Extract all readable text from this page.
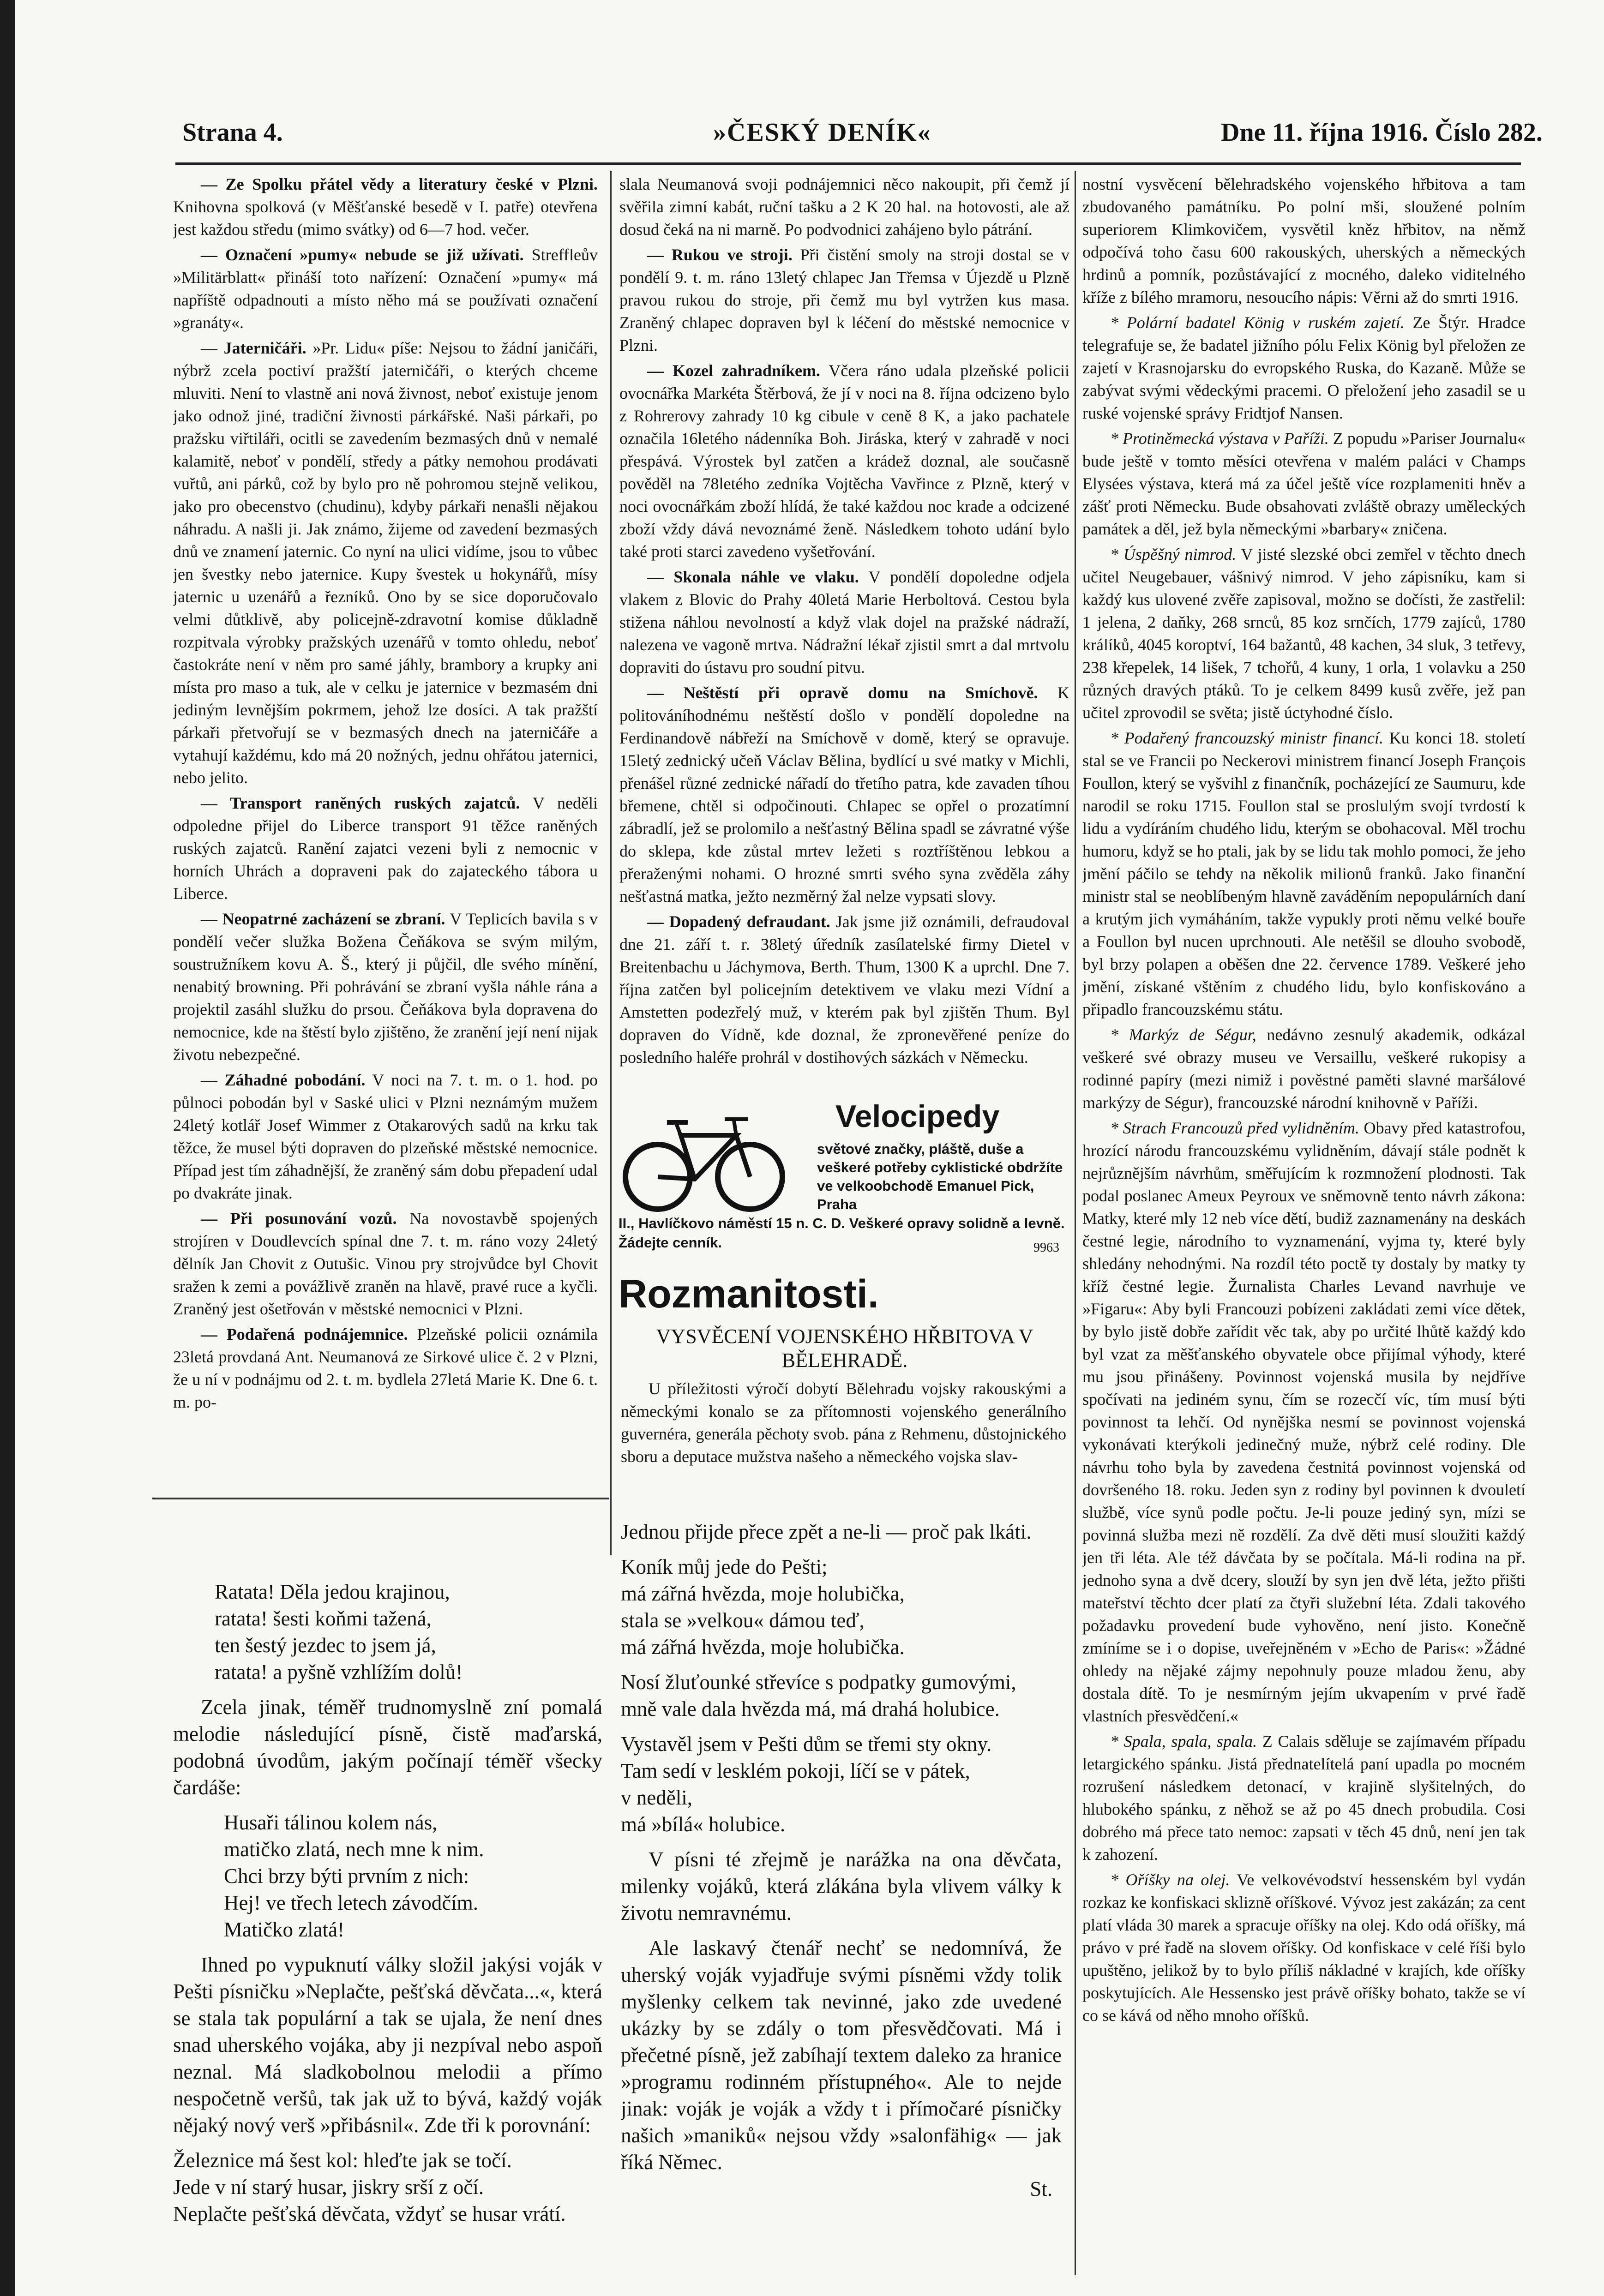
Strana 4.	»ČESKÝ DENÍK«	Dne 11. října 1916. Číslo 282.

— Ze Spolku přátel vědy a literatury české v Plzni. Knihovna spolková (v Měšťanské besedě v I. patře) otevřena jest každou středu (mimo svátky) od 6—7 hod. večer.

— Označení »pumy« nebude se již užívati. Streffleův »Militärblatt« přináší toto nařízení: Označení »pumy« má napříště odpadnouti a místo něho má se používati označení »granáty«.

— Jaterničáři. »Pr. Lidu« píše: Nejsou to žádní janičáři, nýbrž zcela poctiví pražští jaterničáři, o kterých chceme mluviti. Není to vlastně ani nová živnost, neboť existuje jenom jako odnož jiné, tradiční živnosti párkářské. Naši párkaři, po pražsku viřtiláři, ocitli se zavedením bezmasých dnů v nemalé kalamitě, neboť v pondělí, středy a pátky nemohou prodávati vuřtů, ani párků, což by bylo pro ně pohromou stejně velikou, jako pro obecenstvo (chudinu), kdyby párkaři nenašli nějakou náhradu. A našli ji. Jak známo, žijeme od zavedení bezmasých dnů ve znamení jaternic. Co nyní na ulici vidíme, jsou to vůbec jen švestky nebo jaternice. Kupy švestek u hokynářů, mísy jaternic u uzenářů a řezníků. Ono by se sice doporučovalo velmi důtklivě, aby policejně-zdravotní komise důkladně rozpitvala výrobky pražských uzenářů v tomto ohledu, neboť častokráte není v něm pro samé jáhly, brambory a krupky ani místa pro maso a tuk, ale v celku je jaternice v bezmasém dni jediným levnějším pokrmem, jehož lze dosíci. A tak pražští párkaři přetvořují se v bezmasých dnech na jaterničáře a vytahují každému, kdo má 20 nožných, jednu ohřátou jaternici, nebo jelito.

— Transport raněných ruských zajatců. V neděli odpoledne přijel do Liberce transport 91 těžce raněných ruských zajatců. Ranění zajatci vezeni byli z nemocnic v horních Uhrách a dopraveni pak do zajateckého tábora u Liberce.

— Neopatrné zacházení se zbraní. V Teplicích bavila s v pondělí večer služka Božena Čeňákova se svým milým, soustružníkem kovu A. Š., který ji půjčil, dle svého mínění, nenabitý browning. Při pohrávání se zbraní vyšla náhle rána a projektil zasáhl služku do prsou. Čeňákova byla dopravena do nemocnice, kde na štěstí bylo zjištěno, že zranění její není nijak životu nebezpečné.

— Záhadné pobodání. V noci na 7. t. m. o 1. hod. po půlnoci pobodán byl v Saské ulici v Plzni neznámým mužem 24letý kotlář Josef Wimmer z Otakarových sadů na krku tak těžce, že musel býti dopraven do plzeňské městské nemocnice. Případ jest tím záhadnější, že zraněný sám dobu přepadení udal po dvakráte jinak.

— Při posunování vozů. Na novostavbě spojených strojíren v Doudlevcích spínal dne 7. t. m. ráno vozy 24letý dělník Jan Chovit z Outušic. Vinou pry strojvůdce byl Chovit sražen k zemi a povážlivě zraněn na hlavě, pravé ruce a kyčli. Zraněný jest ošetřován v městské nemocnici v Plzni.

— Podařená podnájemnice. Plzeňské policii oznámila 23letá provdaná Ant. Neumanová ze Sirkové ulice č. 2 v Plzni, že u ní v podnájmu od 2. t. m. bydlela 27letá Marie K. Dne 6. t. m. po-

slala Neumanová svoji podnájemnici něco nakoupit, při čemž jí svěřila zimní kabát, ruční tašku a 2 K 20 hal. na hotovosti, ale až dosud čeká na ni marně. Po podvodnici zahájeno bylo pátrání.

— Rukou ve stroji. Při čistění smoly na stroji dostal se v pondělí 9. t. m. ráno 13letý chlapec Jan Třemsa v Újezdě u Plzně pravou rukou do stroje, při čemž mu byl vytržen kus masa. Zraněný chlapec dopraven byl k léčení do městské nemocnice v Plzni.

— Kozel zahradníkem. Včera ráno udala plzeňské policii ovocnářka Markéta Štěrbová, že jí v noci na 8. října odcizeno bylo z Rohrerovy zahrady 10 kg cibule v ceně 8 K, a jako pachatele označila 16letého nádenníka Boh. Jiráska, který v zahradě v noci přespává. Výrostek byl zatčen a krádež doznal, ale současně pověděl na 78letého zedníka Vojtěcha Vavřince z Plzně, který v noci ovocnářkám zboží hlídá, že také každou noc krade a odcizené zboží vždy dává nevoznámé ženě. Následkem tohoto udání bylo také proti starci zavedeno vyšetřování.

— Skonala náhle ve vlaku. V pondělí dopoledne odjela vlakem z Blovic do Prahy 40letá Marie Herboltová. Cestou byla stižena náhlou nevolností a když vlak dojel na pražské nádraží, nalezena ve vagoně mrtva. Nádražní lékař zjistil smrt a dal mrtvolu dopraviti do ústavu pro soudní pitvu.

— Neštěstí při opravě domu na Smíchově. K politováníhodnému neštěstí došlo v pondělí dopoledne na Ferdinandově nábřeží na Smíchově v domě, který se opravuje. 15letý zednický učeň Václav Bělina, bydlící u své matky v Michli, přenášel různé zednické nářadí do třetího patra, kde zavaden tíhou břemene, chtěl si odpočinouti. Chlapec se opřel o prozatímní zábradlí, jež se prolomilo a nešťastný Bělina spadl se závratné výše do sklepa, kde zůstal mrtev ležeti s roztříštěnou lebkou a přeraženými nohami. O hrozné smrti svého syna zvěděla záhy nešťastná matka, ježto nezměrný žal nelze vypsati slovy.

— Dopadený defraudant. Jak jsme již oznámili, defraudoval dne 21. září t. r. 38letý úředník zasílatelské firmy Dietel v Breitenbachu u Jáchymova, Berth. Thum, 1300 K a uprchl. Dne 7. října zatčen byl policejním detektivem ve vlaku mezi Vídní a Amstetten podezřelý muž, v kterém pak byl zjištěn Thum. Byl dopraven do Vídně, kde doznal, že zpronevěřené peníze do posledního haléře prohrál v dostihových sázkách v Německu.

Velocipedy
světové značky, pláště, duše a veškeré potřeby cyklistické obdržíte ve velkoobchodě Emanuel Pick, Praha
II., Havlíčkovo náměstí 15 n. C. D. Veškeré opravy solidně a levně. Žádejte cenník.	9963
Rozmanitosti.
VYSVĚCENÍ VOJENSKÉHO HŘBITOVA V BĚLEHRADĚ.

U příležitosti výročí dobytí Bělehradu vojsky rakouskými a německými konalo se za přítomnosti vojenského generálního guvernéra, generála pěchoty svob. pána z Rehmenu, důstojnického sboru a deputace mužstva našeho a německého vojska slav-

nostní vysvěcení bělehradského vojenského hřbitova a tam zbudovaného památníku. Po polní mši, sloužené polním superiorem Klimkovičem, vysvětil kněz hřbitov, na němž odpočívá toho času 600 rakouských, uherských a německých hrdinů a pomník, pozůstávající z mocného, daleko viditelného kříže z bílého mramoru, nesoucího nápis: Věrni až do smrti 1916.

* Polární badatel König v ruském zajetí. Ze Štýr. Hradce telegrafuje se, že badatel jižního pólu Felix König byl přeložen ze zajetí v Krasnojarsku do evropského Ruska, do Kazaně. Může se zabývat svými vědeckými pracemi. O přeložení jeho zasadil se u ruské vojenské správy Fridtjof Nansen.

* Protiněmecká výstava v Paříži. Z popudu »Pariser Journalu« bude ještě v tomto měsíci otevřena v malém paláci v Champs Elysées výstava, která má za účel ještě více rozplameniti hněv a zášť proti Německu. Bude obsahovati zvláště obrazy uměleckých památek a děl, jež byla německými »barbary« zničena.

* Úspěšný nimrod. V jisté slezské obci zemřel v těchto dnech učitel Neugebauer, vášnivý nimrod. V jeho zápisníku, kam si každý kus ulovené zvěře zapisoval, možno se dočísti, že zastřelil: 1 jelena, 2 daňky, 268 srnců, 85 koz srnčích, 1779 zajíců, 1780 králíků, 4045 koroptví, 164 bažantů, 48 kachen, 34 sluk, 3 tetřevy, 238 křepelek, 14 lišek, 7 tchořů, 4 kuny, 1 orla, 1 volavku a 250 různých dravých ptáků. To je celkem 8499 kusů zvěře, jež pan učitel zprovodil se světa; jistě úctyhodné číslo.

* Podařený francouzský ministr financí. Ku konci 18. století stal se ve Francii po Neckerovi ministrem financí Joseph François Foullon, který se vyšvihl z finančník, pocházející ze Saumuru, kde narodil se roku 1715. Foullon stal se proslulým svojí tvrdostí k lidu a vydíráním chudého lidu, kterým se obohacoval. Měl trochu humoru, když se ho ptali, jak by se lidu tak mohlo pomoci, že jeho jmění páčilo se tehdy na několik milionů franků. Jako finanční ministr stal se neoblíbeným hlavně zaváděním nepopulárních daní a krutým jich vymáháním, takže vypukly proti němu velké bouře a Foullon byl nucen uprchnouti. Ale netěšil se dlouho svobodě, byl brzy polapen a oběšen dne 22. července 1789. Veškeré jeho jmění, získané vštěním z chudého lidu, bylo konfiskováno a připadlo francouzskému státu.

* Markýz de Ségur, nedávno zesnulý akademik, odkázal veškeré své obrazy museu ve Versaillu, veškeré rukopisy a rodinné papíry (mezi nimiž i pověstné paměti slavné maršálové markýzy de Ségur), francouzské národní knihovně v Paříži.

* Strach Francouzů před vylidněním. Obavy před katastrofou, hrozící národu francouzskému vylidněním, dávají stále podnět k nejrůznějším návrhům, směřujícím k rozmnožení plodnosti. Tak podal poslanec Ameux Peyroux ve sněmovně tento návrh zákona: Matky, které mly 12 neb více dětí, budiž zaznamenány na deskách čestné legie, národního to vyznamenání, vyjma ty, které byly shledány nehodnými. Na rozdíl této poctě ty dostaly by matky ty kříž čestné legie. Žurnalista Charles Levand navrhuje ve »Figaru«: Aby byli Francouzi pobízeni zakládati zemi více dětek, by bylo jistě dobře zařídit věc tak, aby po určité lhůtě každý kdo byl vzat za měšťanského obyvatele obce přijímal výhody, které mu jsou přinášeny. Povinnost vojenská musila by nejdříve spočívati na jediném synu, čím se rozecčí víc, tím musí býti povinnost ta lehčí. Od nynějška nesmí se povinnost vojenská vykonávati kterýkoli jedinečný muže, nýbrž celé rodiny. Dle návrhu toho byla by zavedena čestnitá povinnost vojenská od dovršeného 18. roku. Jeden syn z rodiny byl povinnen k dvouletí službě, více synů podle počtu. Je-li pouze jediný syn, mízi se povinná služba mezi ně rozdělí. Za dvě děti musí sloužiti každý jen tři léta. Ale též dávčata by se počítala. Má-li rodina na př. jednoho syna a dvě dcery, slouží by syn jen dvě léta, ježto přišti mateřství těchto dcer platí za čtyři služební léta. Zdali takového požadavku provedení bude vyhověno, není jisto. Konečně zmíníme se i o dopise, uveřejněném v »Echo de Paris«: »Žádné ohledy na nějaké zájmy nepohnuly pouze mladou ženu, aby dostala dítě. To je nesmírným jejím ukvapením v prvé řadě vlastních přesvědčení.«

* Spala, spala, spala. Z Calais sděluje se zajímavém případu letargického spánku. Jistá přednatelítelá paní upadla po mocném rozrušení následkem detonací, v krajině slyšitelných, do hlubokého spánku, z něhož se až po 45 dnech probudila. Cosi dobrého má přece tato nemoc: zapsati v těch 45 dnů, není jen tak k zahození.

* Oříšky na olej. Ve velkovévodství hessenském byl vydán rozkaz ke konfiskaci sklizně oříškové. Vývoz jest zakázán; za cent platí vláda 30 marek a spracuje oříšky na olej. Kdo odá oříšky, má právo v pré řadě na slovem oříšky. Od konfiskace v celé říši bylo upuštěno, jelikož by to bylo příliš nákladné v krajích, kde oříšky poskytujících. Ale Hessensko jest právě oříšky bohato, takže se ví co se kává od něho mnoho oříšků.

Ratata! Děla jedou krajinou,
ratata! šesti koňmi tažená,
ten šestý jezdec to jsem já,
ratata! a pyšně vzhlížím dolů!
Zcela jinak, téměř trudnomyslně zní pomalá melodie následující písně, čistě maďarská, podobná úvodům, jakým počínají téměř všecky čardáše:
Husaři tálinou kolem nás,
matičko zlatá, nech mne k nim.
Chci brzy býti prvním z nich:
Hej! ve třech letech závodčím.
Matičko zlatá!
Ihned po vypuknutí války složil jakýsi voják v Pešti písničku »Neplačte, pešťská děvčata...«, která se stala tak populární a tak se ujala, že není dnes snad uherského vojáka, aby ji nezpíval nebo aspoň neznal. Má sladkobolnou melodii a přímo nespočetně veršů, tak jak už to bývá, každý voják nějaký nový verš »přibásnil«. Zde tři k porovnání:
Železnice má šest kol: hleďte jak se točí.
Jede v ní starý husar, jiskry srší z očí.
Neplačte pešťská děvčata, vždyť se husar vrátí.
Jednou přijde přece zpět a ne-li — proč pak lkáti.
Koník můj jede do Pešti;
má zářná hvězda, moje holubička,
stala se »velkou« dámou teď,
má zářná hvězda, moje holubička.
Nosí žluťounké střevíce s podpatky gumovými,
mně vale dala hvězda má, má drahá holubice.
Vystavěl jsem v Pešti dům se třemi sty okny.
Tam sedí v lesklém pokoji, líčí se v pátek,
v neděli,
má »bílá« holubice.
V písni té zřejmě je narážka na ona děvčata, milenky vojáků, která zlákána byla vlivem války k životu nemravnému.
Ale laskavý čtenář nechť se nedomnívá, že uherský voják vyjadřuje svými písněmi vždy tolik myšlenky celkem tak nevinné, jako zde uvedené ukázky by se zdály o tom přesvědčovati. Má i přečetné písně, jež zabíhají textem daleko za hranice »programu rodinném přístupného«. Ale to nejde jinak: voják je voják a vždy t i přímočaré písničky našich »maniků« nejsou vždy »salonfähig« — jak říká Němec.
St.
